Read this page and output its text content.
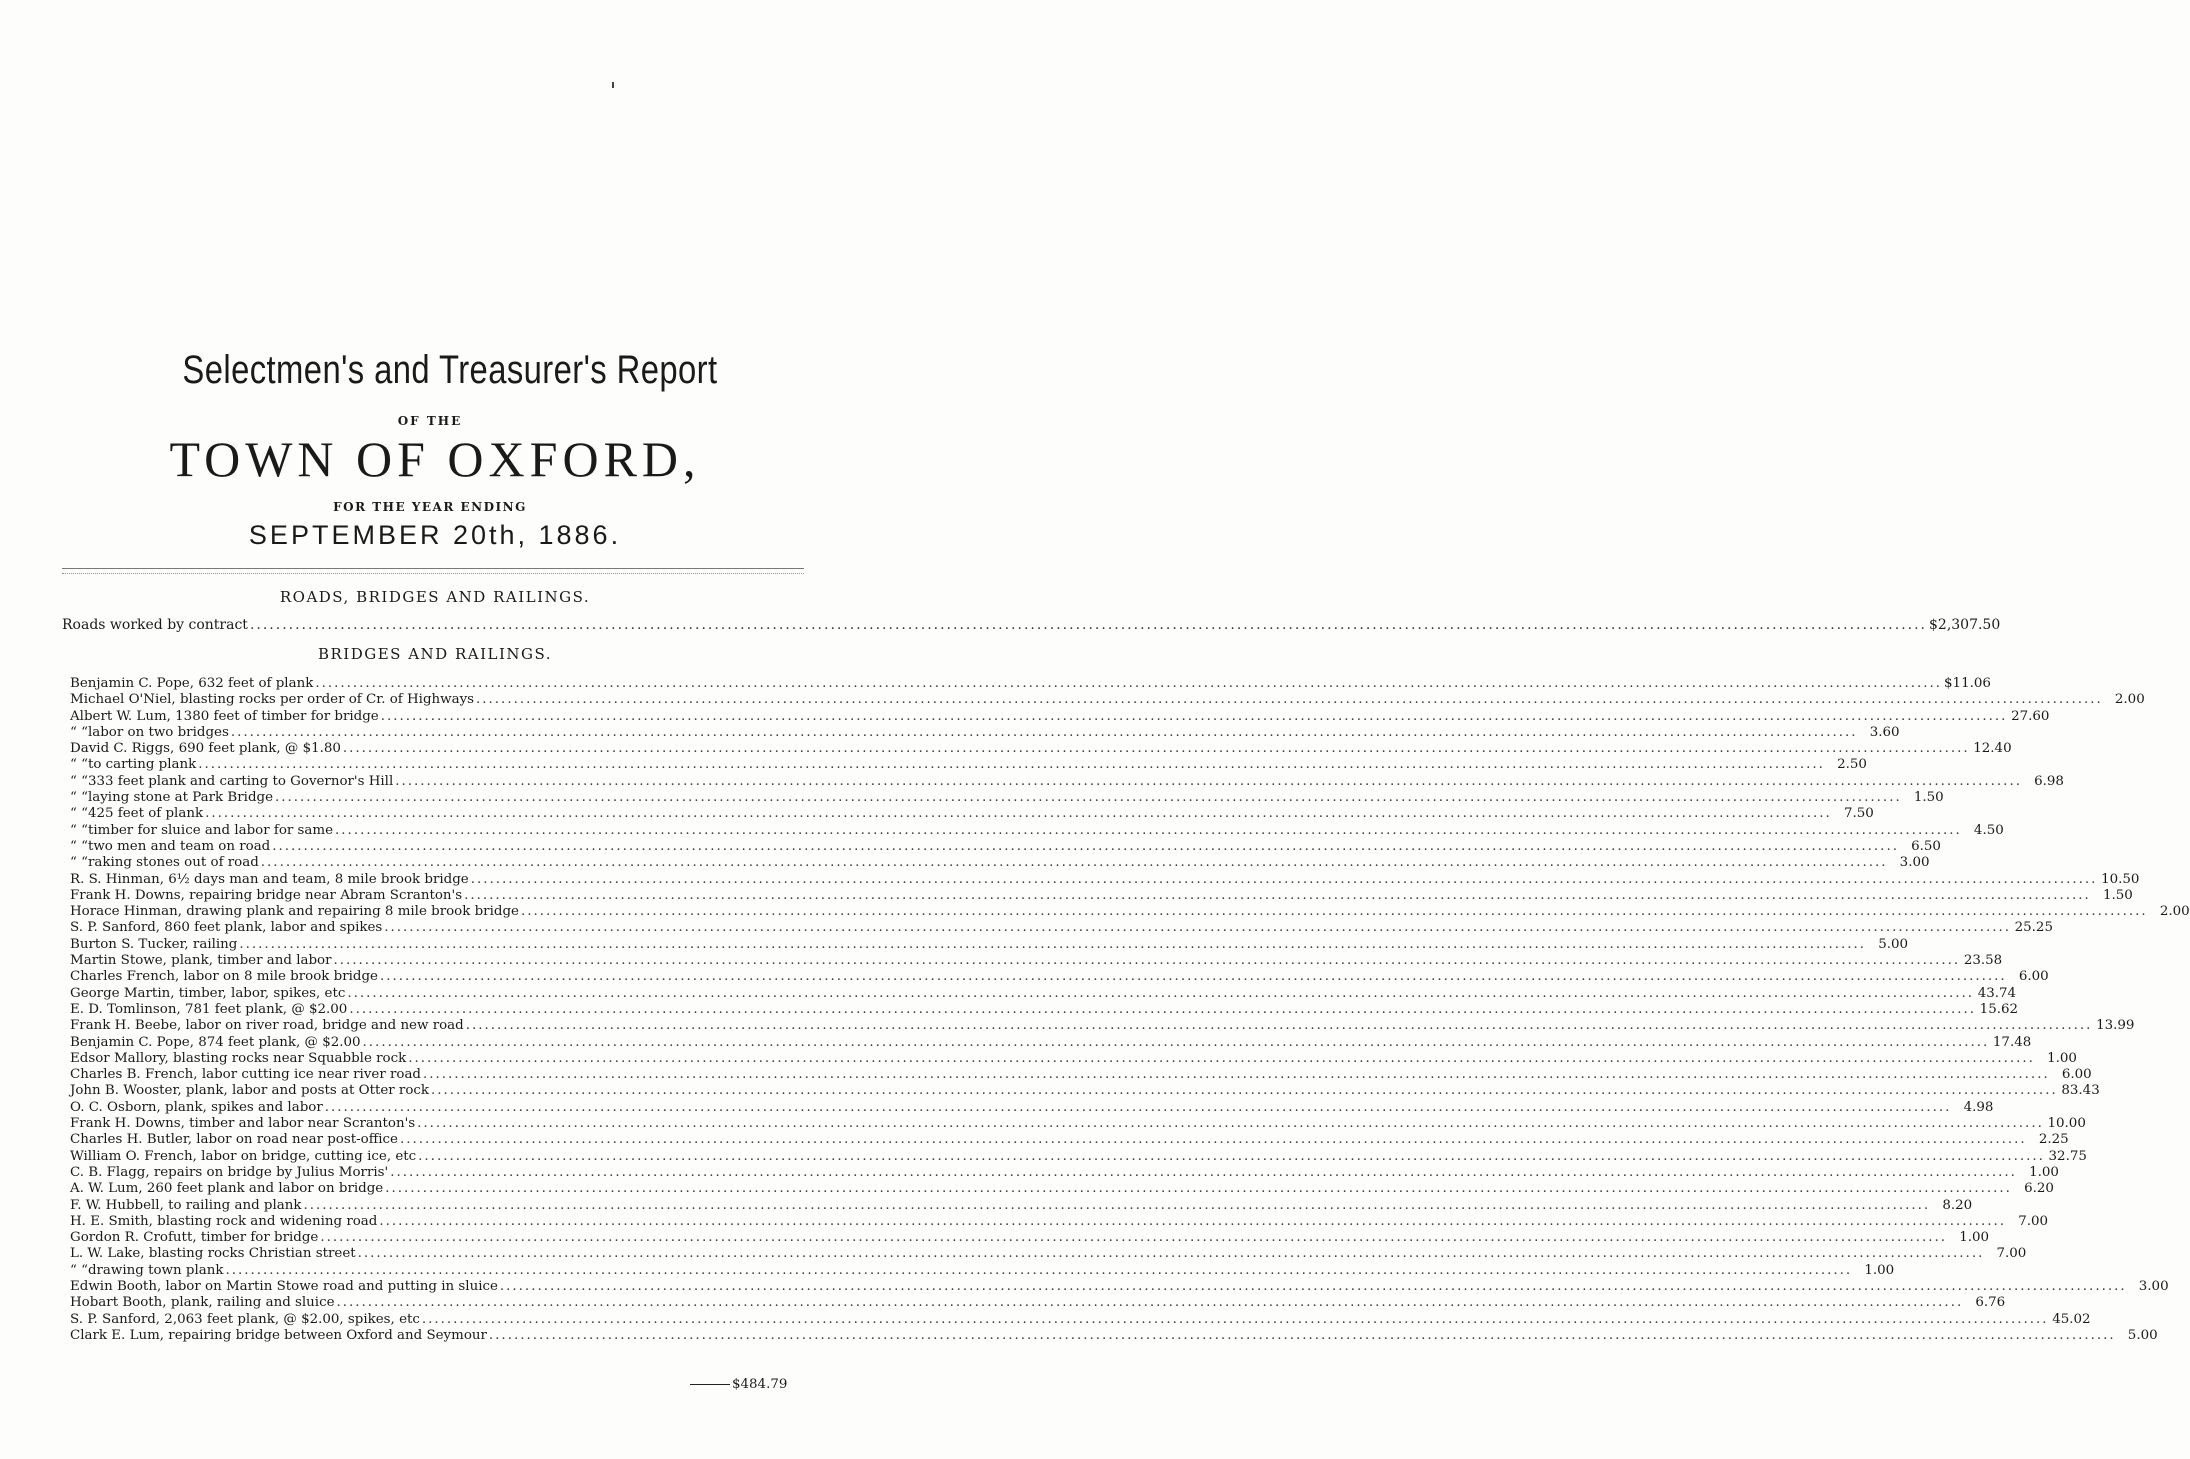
Selectmen's and Treasurer's Report
OF THE
TOWN OF OXFORD,
FOR THE YEAR ENDING
SEPTEMBER 20th, 1886.
ROADS, BRIDGES AND RAILINGS.
Roads worked by contract .....	$2,307.50
BRIDGES AND RAILINGS.
Benjamin C. Pope, 632 feet of plank .....	$11.06
Michael O'Niel, blasting rocks per order of Cr. of Highways .....	2.00
Albert W. Lum, 1380 feet of timber for bridge .....	27.60
“ “ labor on two bridges .....	3.60
David C. Riggs, 690 feet plank, @ $1.80 .....	12.40
“ “ to carting plank .....	2.50
“ “ 333 feet plank and carting to Governor's Hill .....	6.98
“ “ laying stone at Park Bridge .....	1.50
“ “ 425 feet of plank .....	7.50
“ “ timber for sluice and labor for same .....	4.50
“ “ two men and team on road .....	6.50
“ “ raking stones out of road .....	3.00
R. S. Hinman, 6½ days man and team, 8 mile brook bridge .....	10.50
Frank H. Downs, repairing bridge near Abram Scranton's .....	1.50
Horace Hinman, drawing plank and repairing 8 mile brook bridge .....	2.00
S. P. Sanford, 860 feet plank, labor and spikes .....	25.25
Burton S. Tucker, railing .....	5.00
Martin Stowe, plank, timber and labor .....	23.58
Charles French, labor on 8 mile brook bridge .....	6.00
George Martin, timber, labor, spikes, etc .....	43.74
E. D. Tomlinson, 781 feet plank, @ $2.00 .....	15.62
Frank H. Beebe, labor on river road, bridge and new road .....	13.99
Benjamin C. Pope, 874 feet plank, @ $2.00 .....	17.48
Edsor Mallory, blasting rocks near Squabble rock .....	1.00
Charles B. French, labor cutting ice near river road .....	6.00
John B. Wooster, plank, labor and posts at Otter rock .....	83.43
O. C. Osborn, plank, spikes and labor .....	4.98
Frank H. Downs, timber and labor near Scranton's .....	10.00
Charles H. Butler, labor on road near post-office .....	2.25
William O. French, labor on bridge, cutting ice, etc .....	32.75
C. B. Flagg, repairs on bridge by Julius Morris' .....	1.00
A. W. Lum, 260 feet plank and labor on bridge .....	6.20
F. W. Hubbell, to railing and plank .....	8.20
H. E. Smith, blasting rock and widening road .....	7.00
Gordon R. Crofutt, timber for bridge .....	1.00
L. W. Lake, blasting rocks Christian street .....	7.00
“ “ drawing town plank .....	1.00
Edwin Booth, labor on Martin Stowe road and putting in sluice .....	3.00
Hobart Booth, plank, railing and sluice .....	6.76
S. P. Sanford, 2,063 feet plank, @ $2.00, spikes, etc .....	45.02
Clark E. Lum, repairing bridge between Oxford and Seymour .....	5.00
$484.79
